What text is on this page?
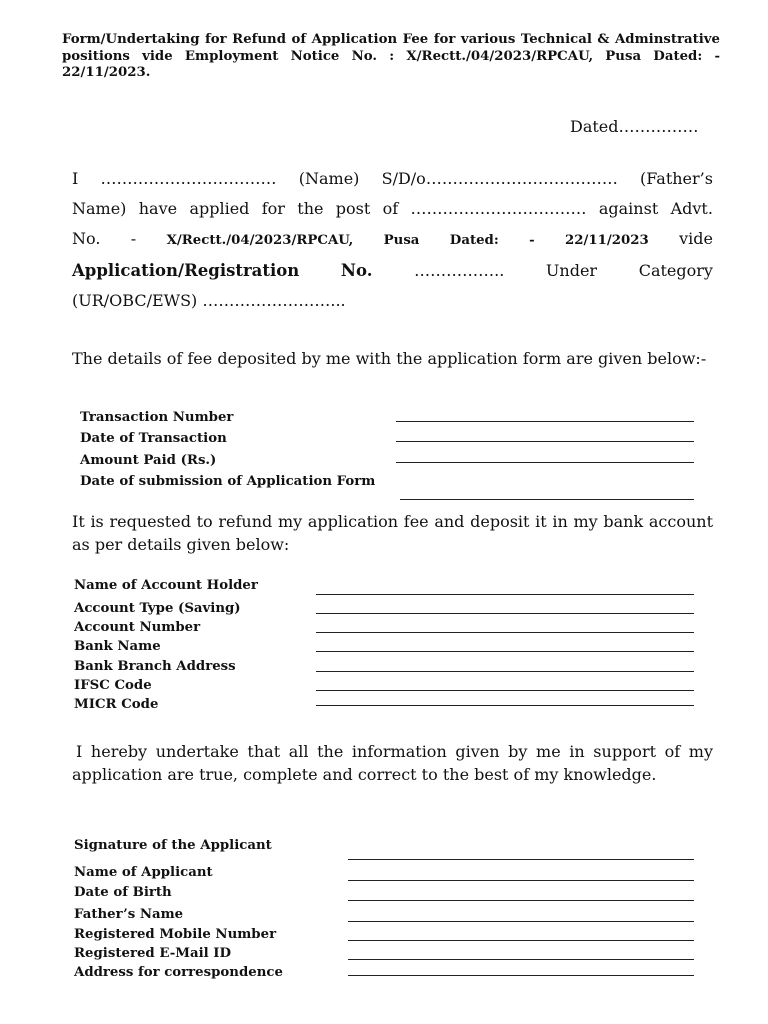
Form/Undertaking for Refund of Application Fee for various Technical & Adminstrative positions vide Employment Notice No. : X/Rectt./04/2023/RPCAU, Pusa Dated: - 22/11/2023.
Dated……………
I …………………………… (Name) S/D/o……………………………… (Father’s
Name) have applied for the post of …………………………… against Advt.
No. - X/Rectt./04/2023/RPCAU, Pusa Dated: - 22/11/2023 vide
Application/Registration	No.	……………..	Under	Category
(UR/OBC/EWS) ……………………...
The details of fee deposited by me with the application form are given below:-
Transaction Number
Date of Transaction
Amount Paid (Rs.)
Date of submission of Application Form
It is requested to refund my application fee and deposit it in my bank account as per details given below:
Name of Account Holder
Account Type (Saving)
Account Number
Bank Name
Bank Branch Address
IFSC Code
MICR Code
I hereby undertake that all the information given by me in support of my application are true, complete and correct to the best of my knowledge.
Signature of the Applicant
Name of Applicant
Date of Birth
Father’s Name
Registered Mobile Number
Registered E-Mail ID
Address for correspondence
